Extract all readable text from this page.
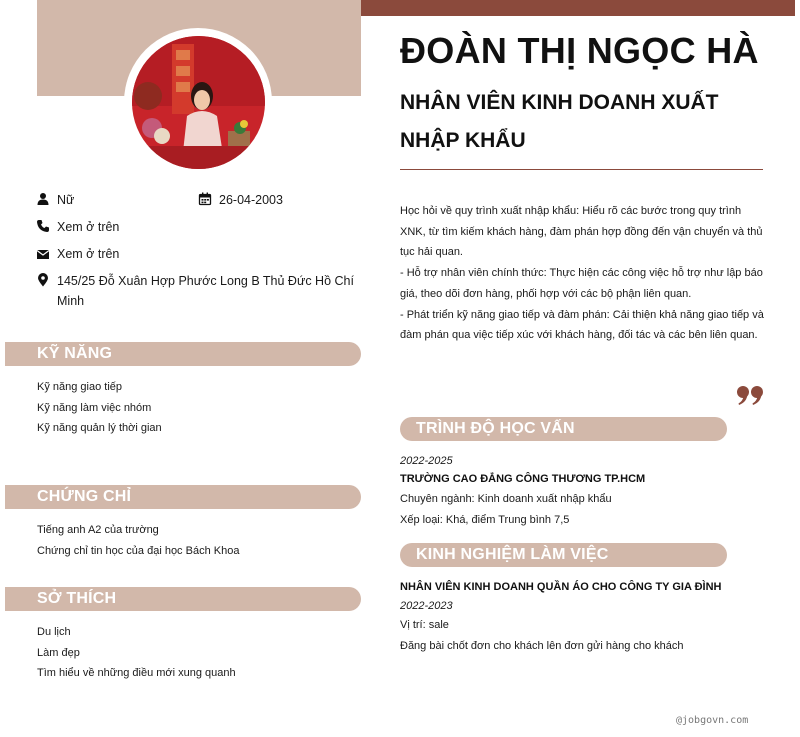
Nữ	26-04-2003
Xem ở trên
Xem ở trên
145/25 Đỗ Xuân Hợp Phước Long B Thủ Đức Hồ Chí Minh
KỸ NĂNG
Kỹ năng giao tiếp
Kỹ năng làm việc nhóm
Kỹ năng quản lý thời gian
CHỨNG CHỈ
Tiếng anh A2 của trường
Chứng chỉ tin học của đại học Bách Khoa
SỞ THÍCH
Du lịch
Làm đẹp
Tìm hiểu về những điều mới xung quanh
ĐOÀN THỊ NGỌC HÀ
NHÂN VIÊN KINH DOANH XUẤT NHẬP KHẨU

Học hỏi về quy trình xuất nhập khẩu: Hiểu rõ các bước trong quy trình XNK, từ tìm kiếm khách hàng, đàm phán hợp đồng đến vận chuyển và thủ tục hải quan.

- Hỗ trợ nhân viên chính thức: Thực hiện các công việc hỗ trợ như lập báo giá, theo dõi đơn hàng, phối hợp với các bộ phận liên quan.

- Phát triển kỹ năng giao tiếp và đàm phán: Cải thiện khả năng giao tiếp và đàm phán qua việc tiếp xúc với khách hàng, đối tác và các bên liên quan.

TRÌNH ĐỘ HỌC VẤN
2022-2025
TRƯỜNG CAO ĐẲNG CÔNG THƯƠNG TP.HCM
Chuyên ngành: Kinh doanh xuất nhập khẩu
Xếp loại: Khá, điểm Trung bình 7,5
KINH NGHIỆM LÀM VIỆC
NHÂN VIÊN KINH DOANH QUẦN ÁO CHO CÔNG TY GIA ĐÌNH
2022-2023
Vị trí: sale
Đăng bài chốt đơn cho khách lên đơn gửi hàng cho khách
@jobgovn.com
